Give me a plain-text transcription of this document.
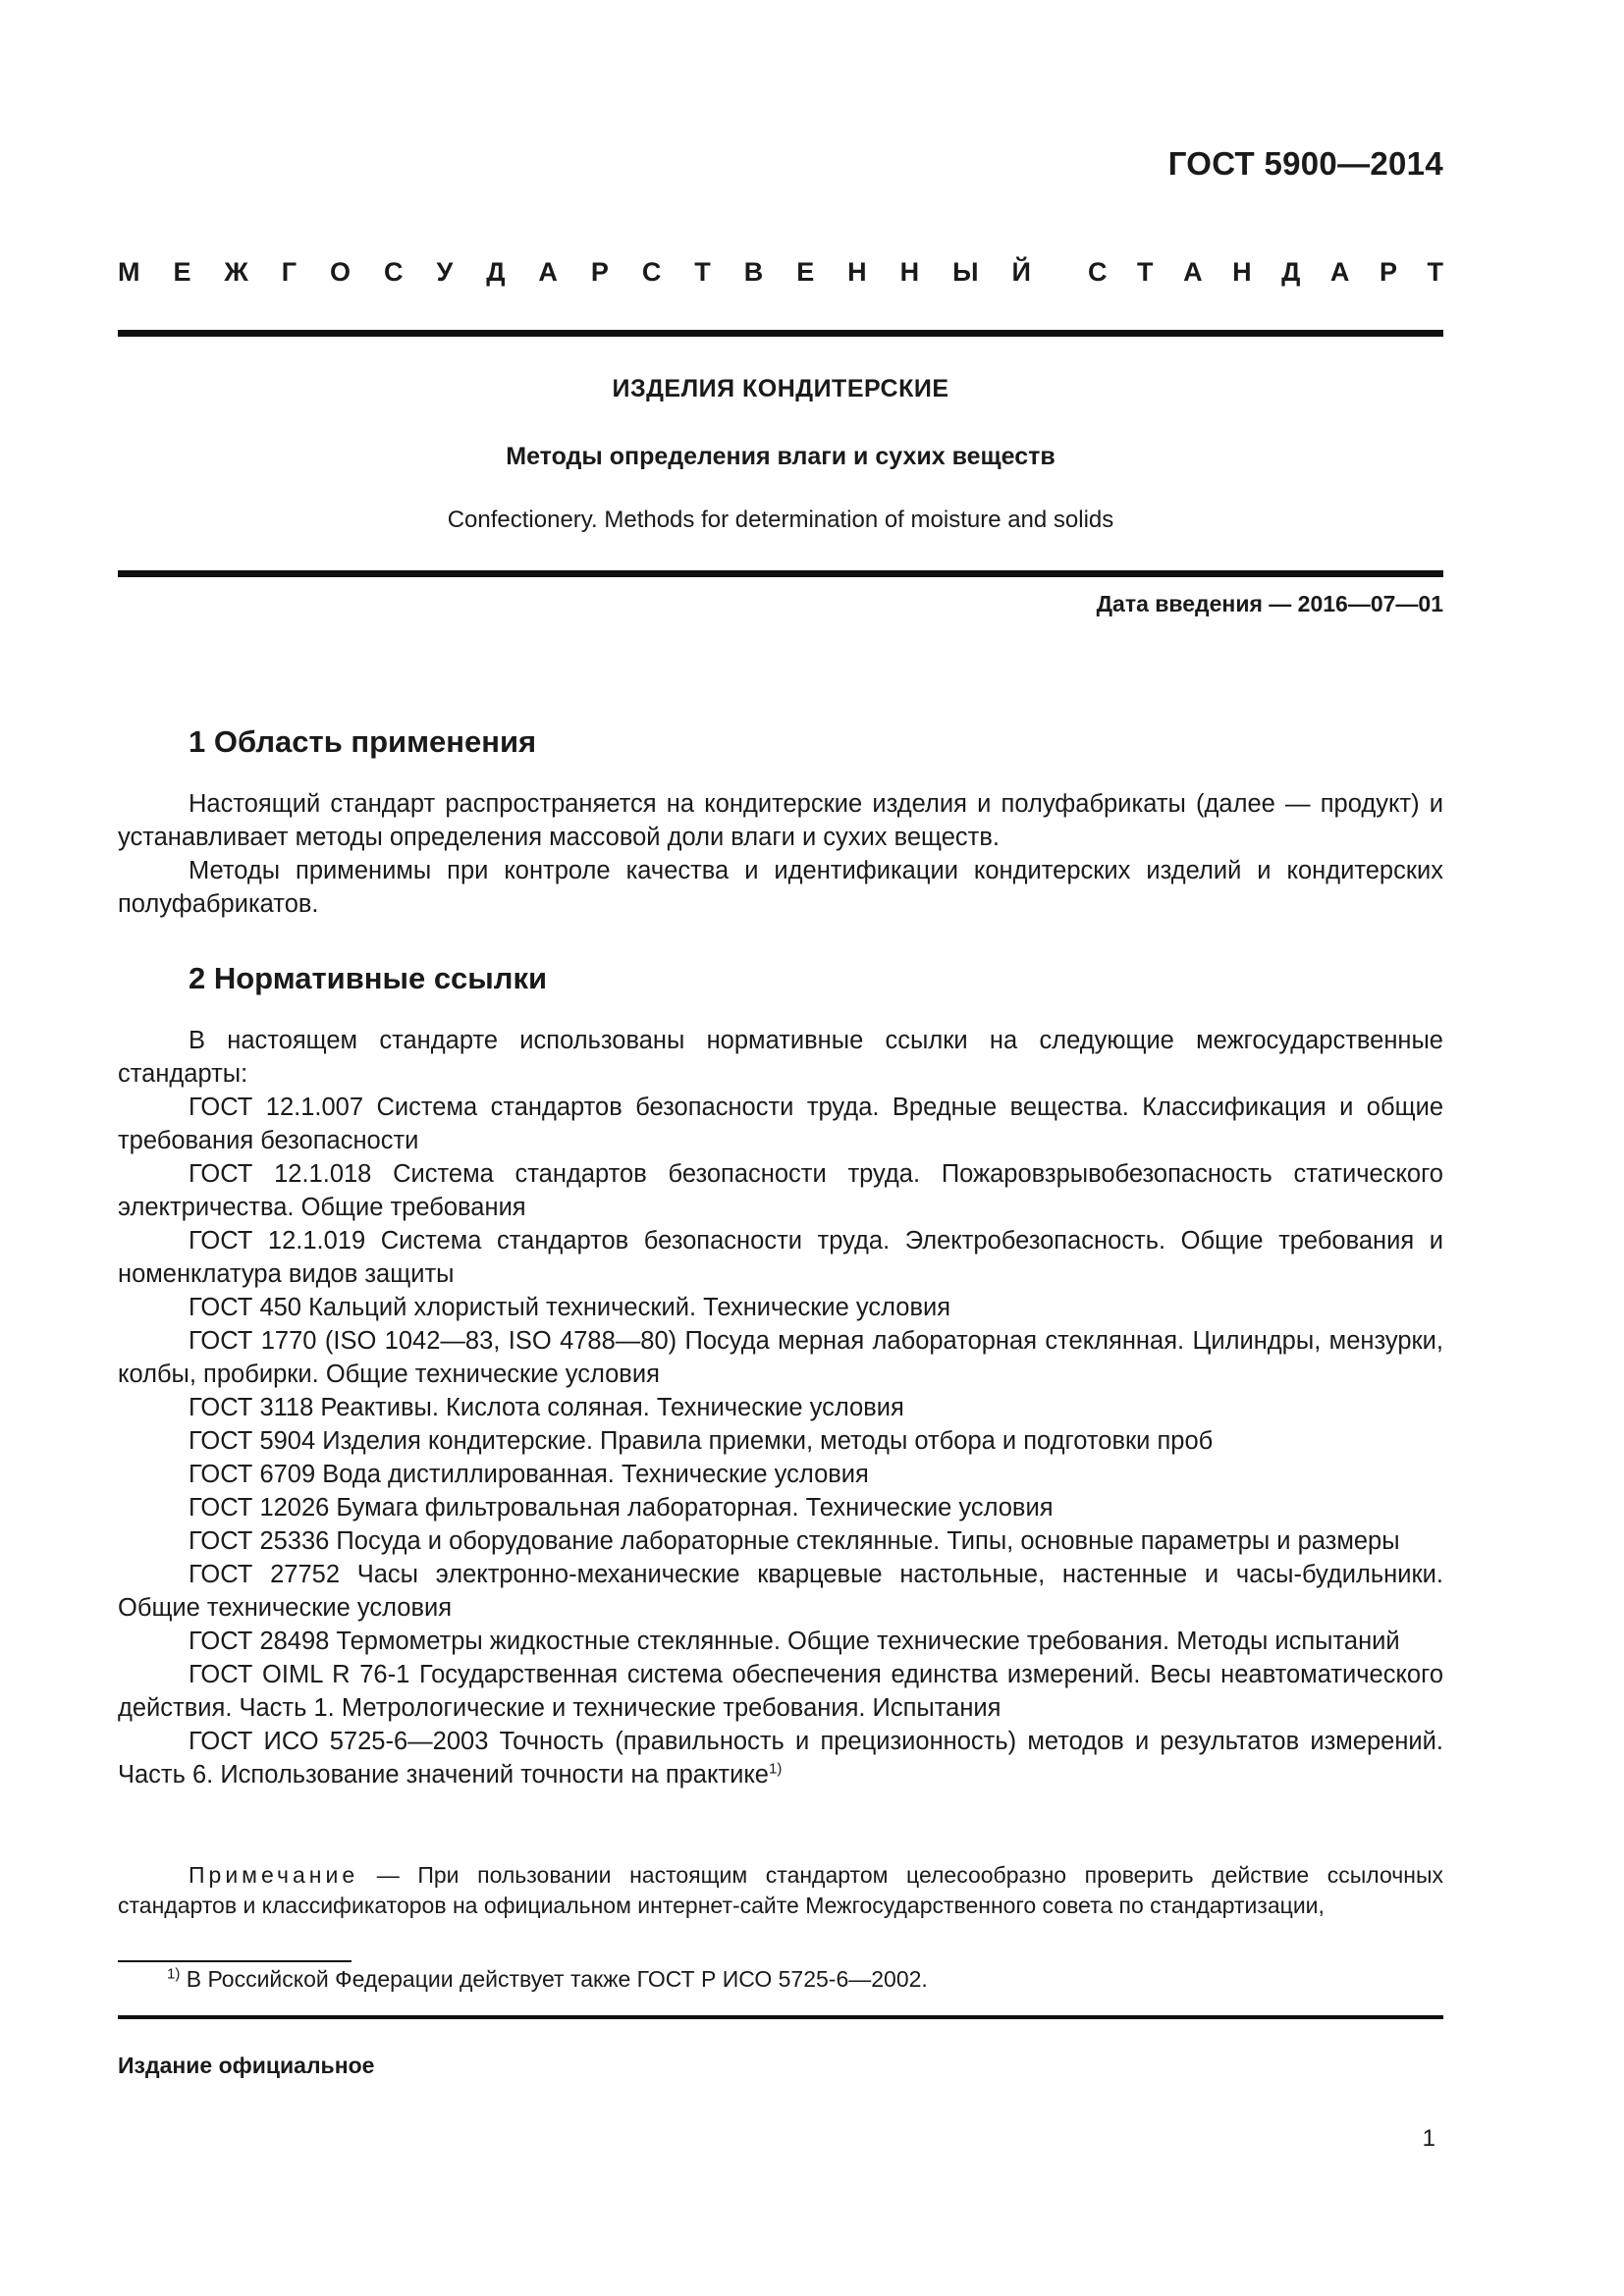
ГОСТ 5900—2014
М Е Ж Г О С У Д А Р С Т В Е Н Н Ы Й С Т А Н Д А Р Т
ИЗДЕЛИЯ КОНДИТЕРСКИЕ
Методы определения влаги и сухих веществ
Confectionery. Methods for determination of moisture and solids
Дата введения — 2016—07—01
1 Область применения

Настоящий стандарт распространяется на кондитерские изделия и полуфабрикаты (далее — продукт) и устанавливает методы определения массовой доли влаги и сухих веществ.

Методы применимы при контроле качества и идентификации кондитерских изделий и кондитерских полуфабрикатов.

2 Нормативные ссылки

В настоящем стандарте использованы нормативные ссылки на следующие межгосударственные стандарты:

ГОСТ 12.1.007 Система стандартов безопасности труда. Вредные вещества. Классификация и общие требования безопасности

ГОСТ 12.1.018 Система стандартов безопасности труда. Пожаровзрывобезопасность статического электричества. Общие требования

ГОСТ 12.1.019 Система стандартов безопасности труда. Электробезопасность. Общие требования и номенклатура видов защиты

ГОСТ 450 Кальций хлористый технический. Технические условия

ГОСТ 1770 (ISO 1042—83, ISO 4788—80) Посуда мерная лабораторная стеклянная. Цилиндры, мензурки, колбы, пробирки. Общие технические условия

ГОСТ 3118 Реактивы. Кислота соляная. Технические условия

ГОСТ 5904 Изделия кондитерские. Правила приемки, методы отбора и подготовки проб

ГОСТ 6709 Вода дистиллированная. Технические условия

ГОСТ 12026 Бумага фильтровальная лабораторная. Технические условия

ГОСТ 25336 Посуда и оборудование лабораторные стеклянные. Типы, основные параметры и размеры

ГОСТ 27752 Часы электронно-механические кварцевые настольные, настенные и часы-будильники. Общие технические условия

ГОСТ 28498 Термометры жидкостные стеклянные. Общие технические требования. Методы испытаний

ГОСТ OIML R 76-1 Государственная система обеспечения единства измерений. Весы неавтоматического действия. Часть 1. Метрологические и технические требования. Испытания

ГОСТ ИСО 5725-6—2003 Точность (правильность и прецизионность) методов и результатов измерений. Часть 6. Использование значений точности на практике$^{1)}$

Примечание — При пользовании настоящим стандартом целесообразно проверить действие ссылочных стандартов и классификаторов на официальном интернет-сайте Межгосударственного совета по стандартизации,

$^{1)}$ В Российской Федерации действует также ГОСТ Р ИСО 5725-6—2002.
Издание официальное
1
